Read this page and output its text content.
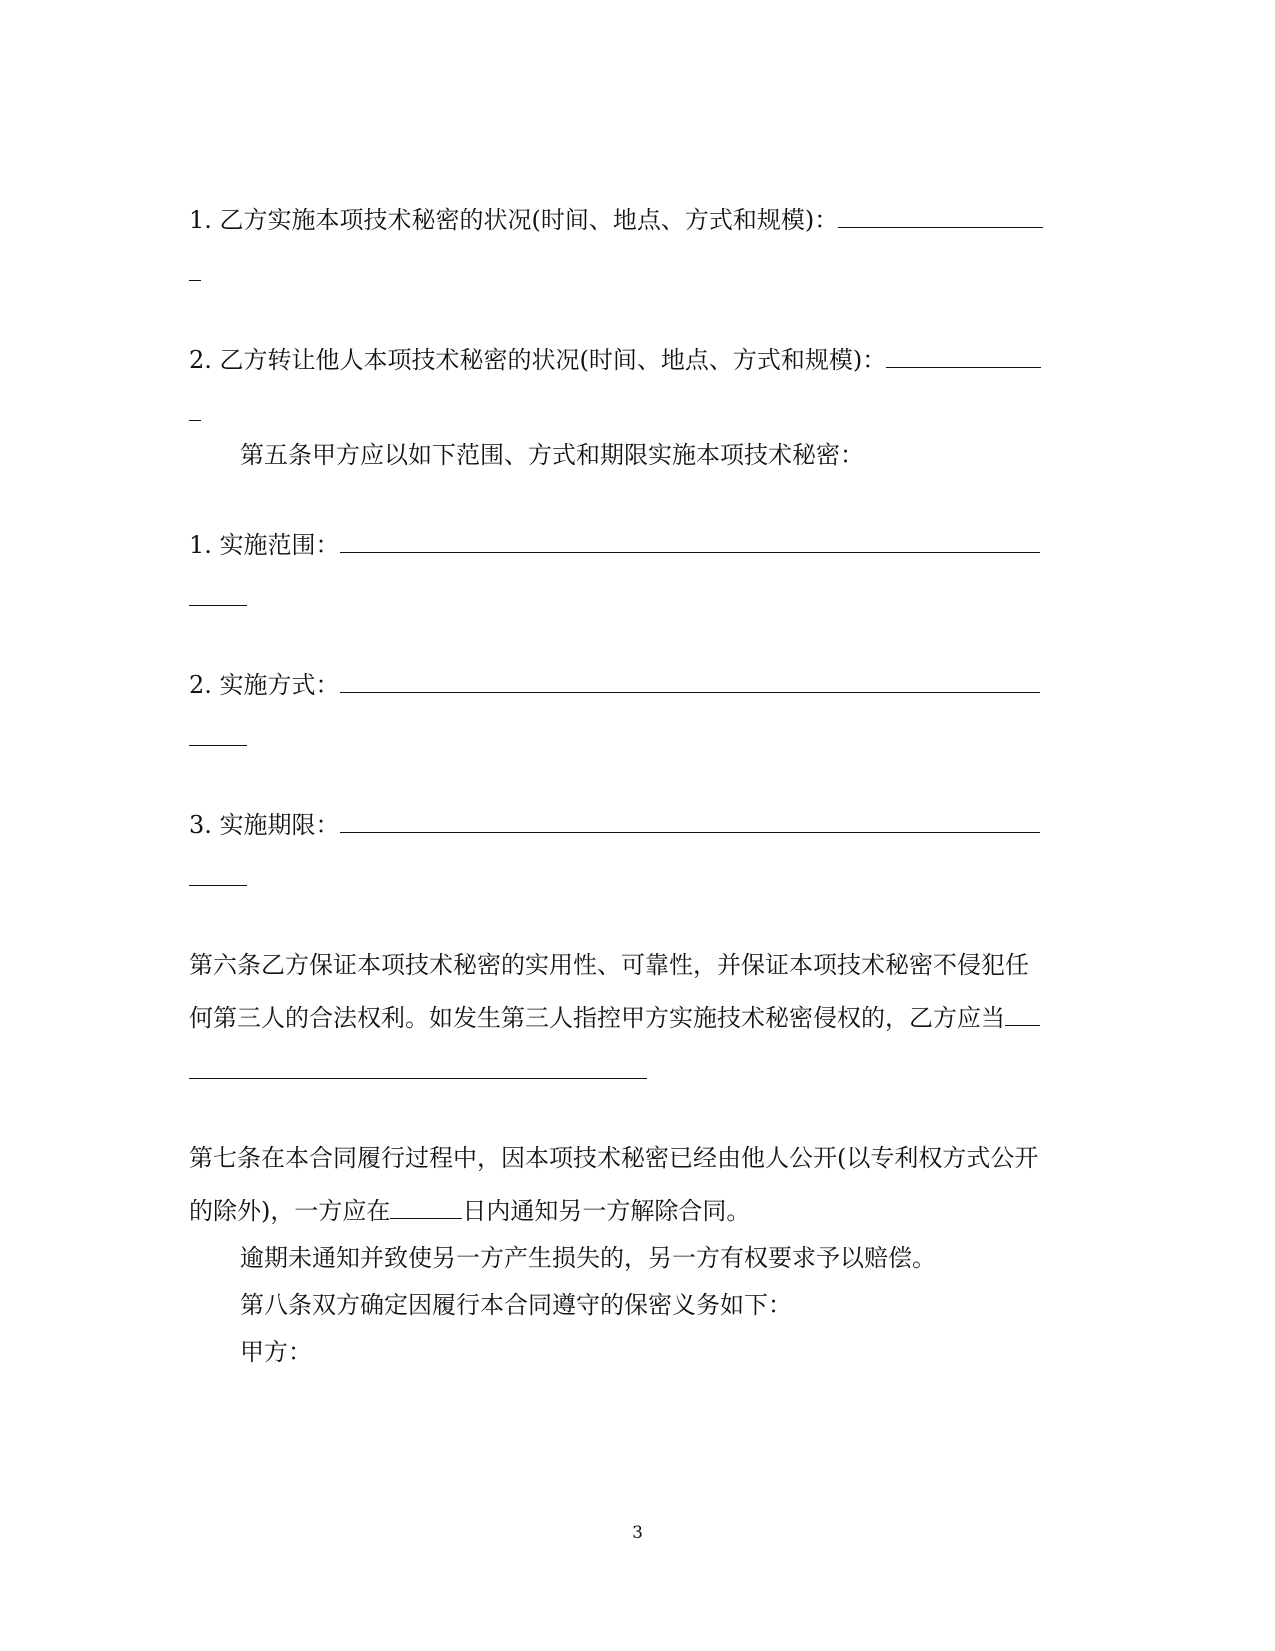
1. 乙方实施本项技术秘密的状况(时间、地点、方式和规模)：
2. 乙方转让他人本项技术秘密的状况(时间、地点、方式和规模)：
第五条甲方应以如下范围、方式和期限实施本项技术秘密：
1. 实施范围：
2. 实施方式：
3. 实施期限：
第六条乙方保证本项技术秘密的实用性、可靠性，并保证本项技术秘密不侵犯任
何第三人的合法权利。如发生第三人指控甲方实施技术秘密侵权的，乙方应当
第七条在本合同履行过程中，因本项技术秘密已经由他人公开(以专利权方式公开
的除外)，一方应在	日内通知另一方解除合同。
逾期未通知并致使另一方产生损失的，另一方有权要求予以赔偿。
第八条双方确定因履行本合同遵守的保密义务如下：
甲方：
3
